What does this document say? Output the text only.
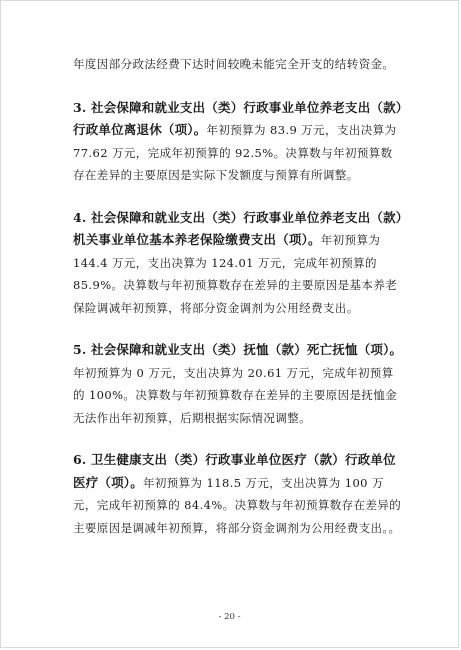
年度因部分政法经费下达时间较晚未能完全开支的结转资金。

3. 社会保障和就业支出（类）行政事业单位养老支出（款）行政单位离退休（项）。年初预算为 83.9 万元，支出决算为 77.62 万元，完成年初预算的 92.5%。决算数与年初预算数存在差异的主要原因是实际下发额度与预算有所调整。

4. 社会保障和就业支出（类）行政事业单位养老支出（款）机关事业单位基本养老保险缴费支出（项）。年初预算为 144.4 万元，支出决算为 124.01 万元，完成年初预算的 85.9%。决算数与年初预算数存在差异的主要原因是基本养老保险调减年初预算，将部分资金调剂为公用经费支出。

5. 社会保障和就业支出（类）抚恤（款）死亡抚恤（项）。年初预算为 0 万元，支出决算为 20.61 万元，完成年初预算的 100%。决算数与年初预算数存在差异的主要原因是抚恤金无法作出年初预算，后期根据实际情况调整。

6. 卫生健康支出（类）行政事业单位医疗（款）行政单位医疗（项）。年初预算为 118.5 万元，支出决算为 100 万元，完成年初预算的 84.4%。决算数与年初预算数存在差异的主要原因是调减年初预算，将部分资金调剂为公用经费支出。。

- 20 -
